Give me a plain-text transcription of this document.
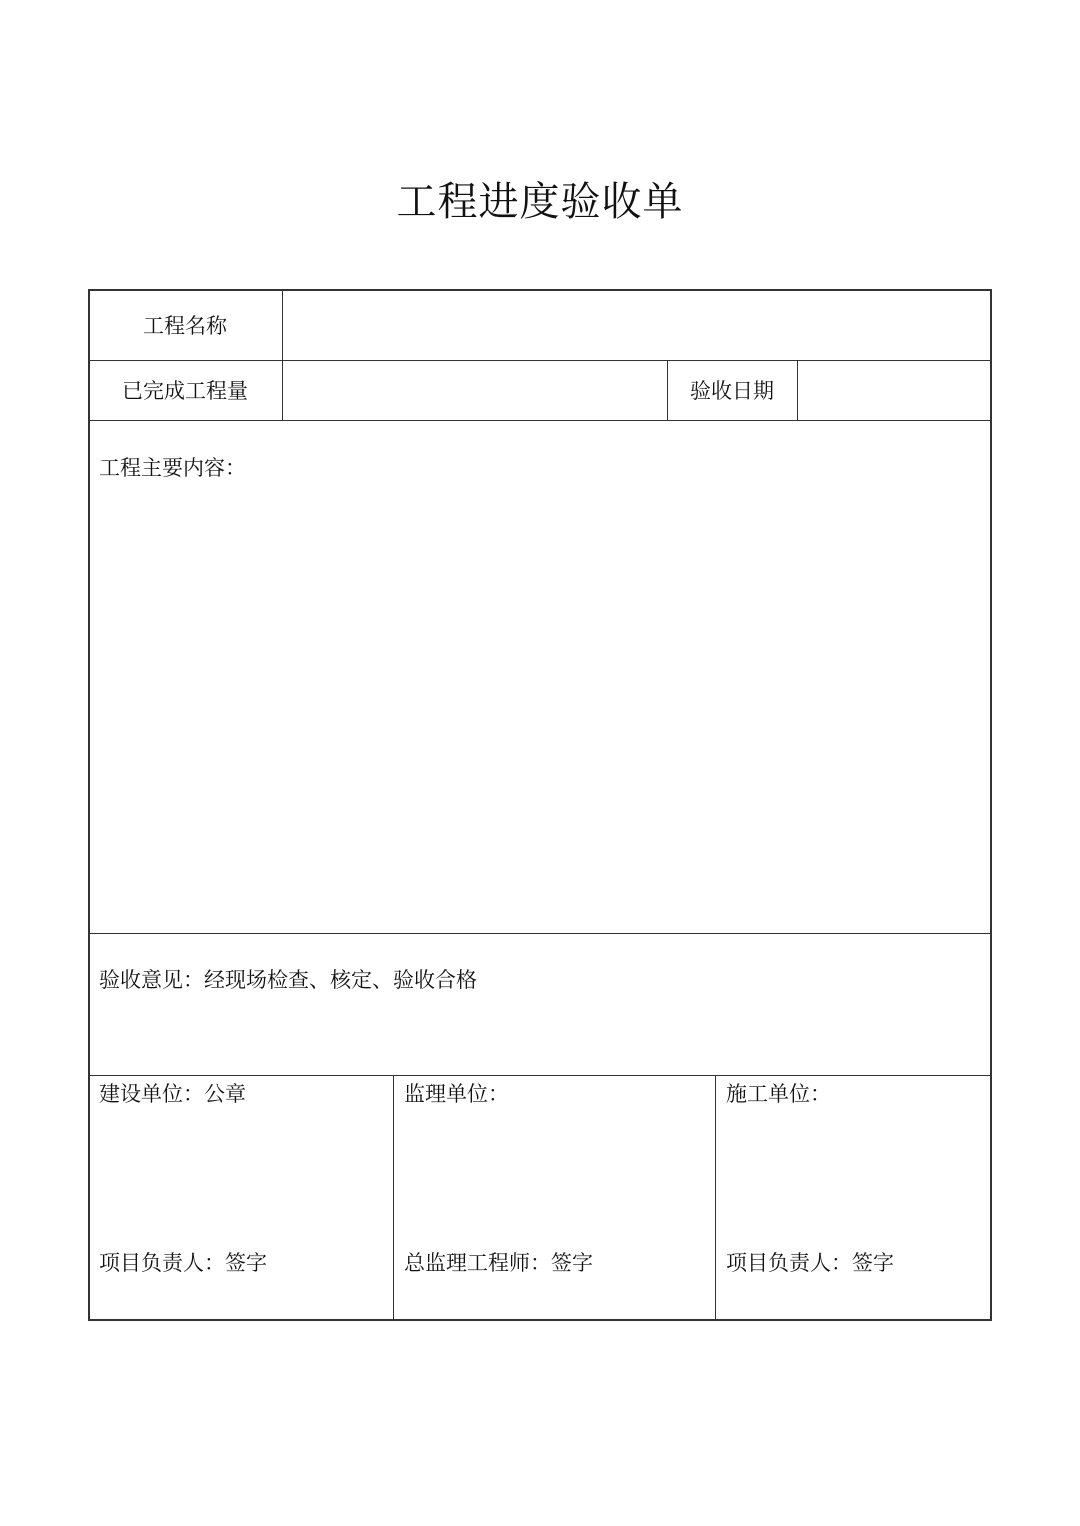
工程进度验收单
工程名称
已完成工程量	验收日期
工程主要内容：
验收意见：经现场检查、核定、验收合格
建设单位：公章
项目负责人：签字
监理单位：
总监理工程师：签字
施工单位：
项目负责人：签字
